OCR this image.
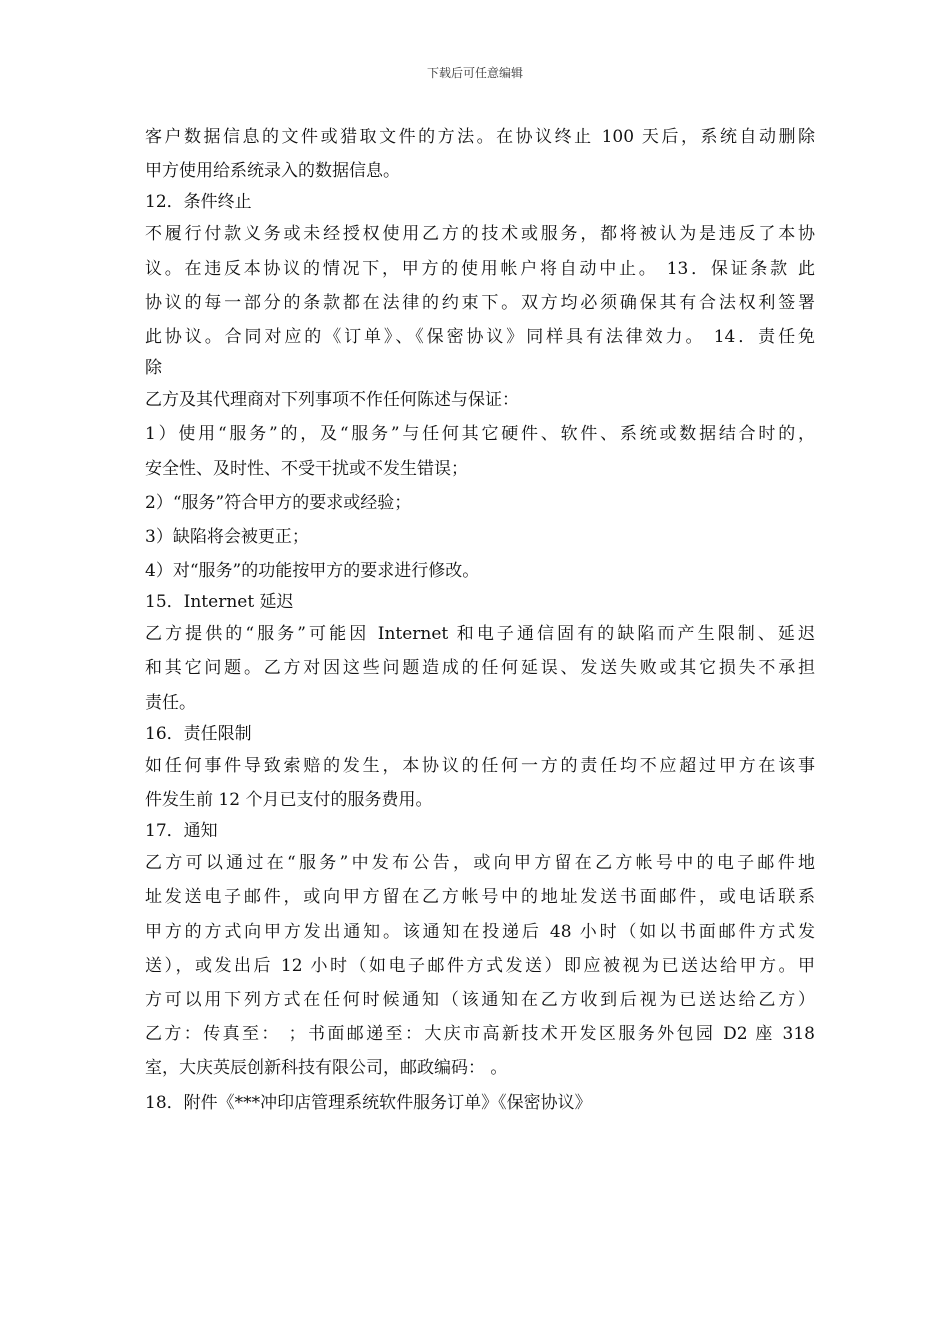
下载后可任意编辑
客户数据信息的文件或猎取文件的方法。在协议终止 100 天后，系统自动删除
甲方使用给系统录入的数据信息。
12．条件终止
不履行付款义务或未经授权使用乙方的技术或服务，都将被认为是违反了本协
议。在违反本协议的情况下，甲方的使用帐户将自动中止。 13．保证条款 此
协议的每一部分的条款都在法律的约束下。双方均必须确保其有合法权利签署
此协议。合同对应的《订单》、《保密协议》同样具有法律效力。 14．责任免
除
乙方及其代理商对下列事项不作任何陈述与保证：
1）使用“服务”的，及“服务”与任何其它硬件、软件、系统或数据结合时的，
安全性、及时性、不受干扰或不发生错误；
2）“服务”符合甲方的要求或经验；
3）缺陷将会被更正；
4）对“服务”的功能按甲方的要求进行修改。
15．Internet 延迟
乙方提供的“服务”可能因 Internet 和电子通信固有的缺陷而产生限制、延迟
和其它问题。乙方对因这些问题造成的任何延误、发送失败或其它损失不承担
责任。
16．责任限制
如任何事件导致索赔的发生，本协议的任何一方的责任均不应超过甲方在该事
件发生前 12 个月已支付的服务费用。
17．通知
乙方可以通过在“服务”中发布公告，或向甲方留在乙方帐号中的电子邮件地
址发送电子邮件，或向甲方留在乙方帐号中的地址发送书面邮件，或电话联系
甲方的方式向甲方发出通知。该通知在投递后 48 小时（如以书面邮件方式发
送），或发出后 12 小时（如电子邮件方式发送）即应被视为已送达给甲方。甲
方可以用下列方式在任何时候通知（该通知在乙方收到后视为已送达给乙方）
乙方：传真至： ；书面邮递至：大庆市高新技术开发区服务外包园 D2 座 318
室，大庆英辰创新科技有限公司，邮政编码： 。
18．附件《***冲印店管理系统软件服务订单》《保密协议》
